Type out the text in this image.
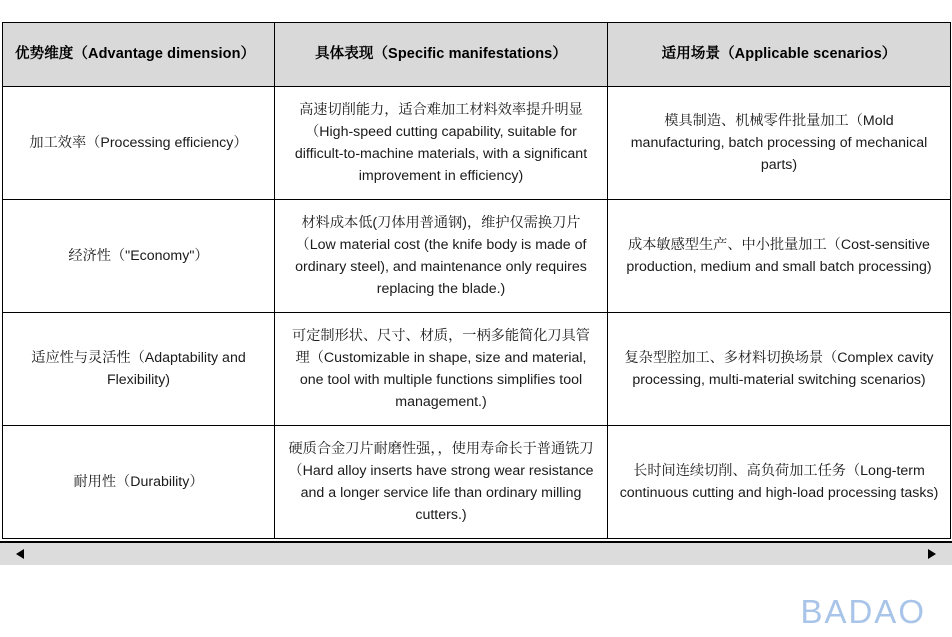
优势维度（Advantage dimension）	具体表现（Specific manifestations）	适用场景（Applicable scenarios）
加工效率（Processing efficiency）	高速切削能力，适合难加工材料效率提升明显（High-speed cutting capability, suitable for difficult-to-machine materials, with a significant improvement in efficiency)	模具制造、机械零件批量加工（Mold manufacturing, batch processing of mechanical parts)
经济性（"Economy"）	材料成本低(刀体用普通钢)，维护仅需换刀片（Low material cost (the knife body is made of ordinary steel), and maintenance only requires replacing the blade.)	成本敏感型生产、中小批量加工（Cost-sensitive production, medium and small batch processing)
适应性与灵活性（Adaptability and Flexibility)	可定制形状、尺寸、材质，一柄多能简化刀具管理（Customizable in shape, size and material, one tool with multiple functions simplifies tool management.)	复杂型腔加工、多材料切换场景（Complex cavity processing, multi-material switching scenarios)
耐用性（Durability）	硬质合金刀片耐磨性强，，使用寿命长于普通铣刀（Hard alloy inserts have strong wear resistance and a longer service life than ordinary milling cutters.)	长时间连续切削、高负荷加工任务（Long-term continuous cutting and high-load processing tasks)
BADAO
